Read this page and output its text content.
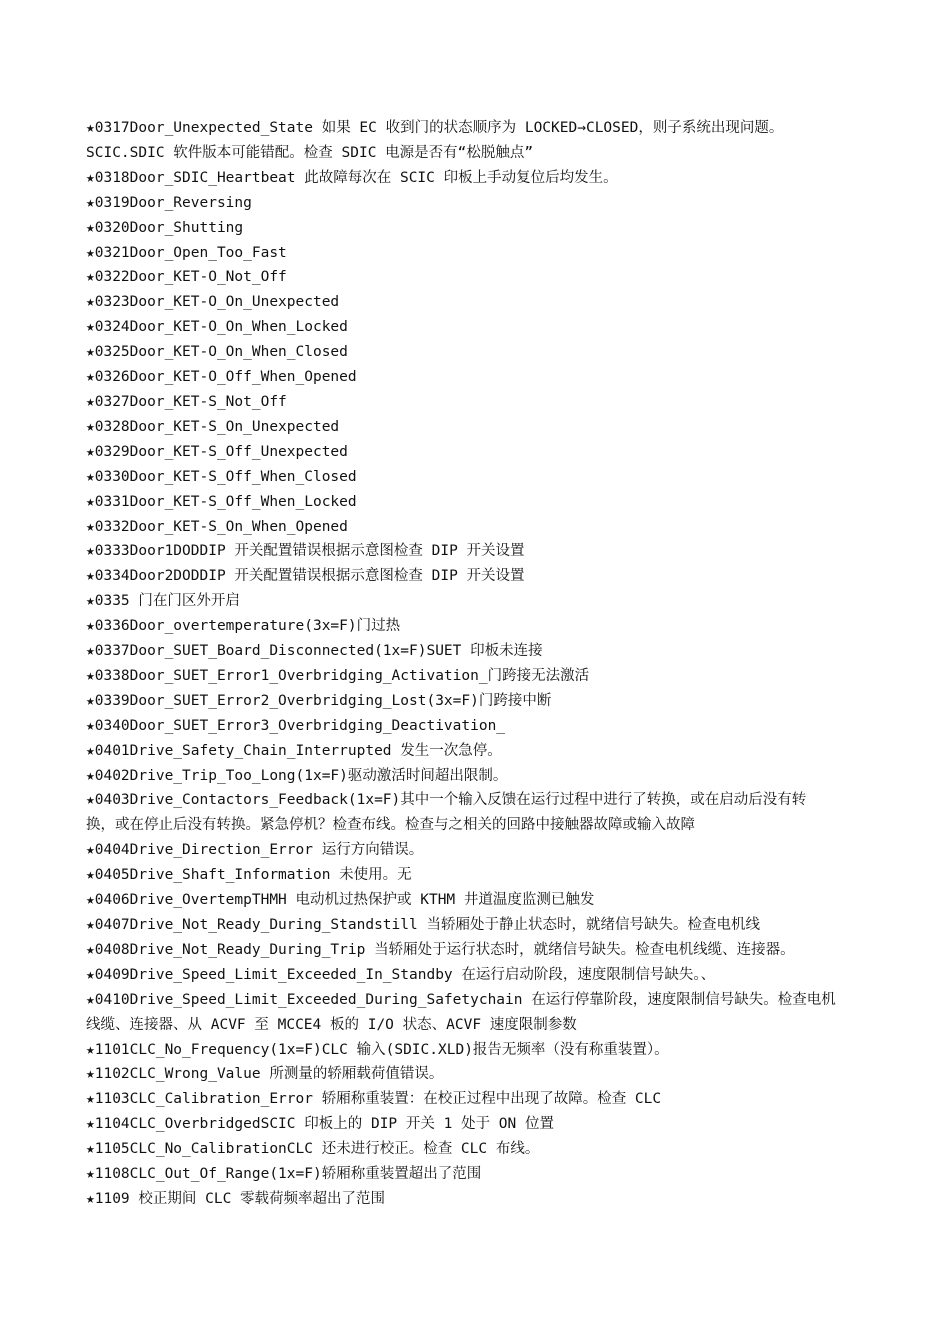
★0317Door_Unexpected_State 如果 EC 收到门的状态顺序为 LOCKED→CLOSED，则子系统出现问题。
SCIC.SDIC 软件版本可能错配。检查 SDIC 电源是否有“松脱触点”
★0318Door_SDIC_Heartbeat 此故障每次在 SCIC 印板上手动复位后均发生。
★0319Door_Reversing
★0320Door_Shutting
★0321Door_Open_Too_Fast
★0322Door_KET-O_Not_Off
★0323Door_KET-O_On_Unexpected
★0324Door_KET-O_On_When_Locked
★0325Door_KET-O_On_When_Closed
★0326Door_KET-O_Off_When_Opened
★0327Door_KET-S_Not_Off
★0328Door_KET-S_On_Unexpected
★0329Door_KET-S_Off_Unexpected
★0330Door_KET-S_Off_When_Closed
★0331Door_KET-S_Off_When_Locked
★0332Door_KET-S_On_When_Opened
★0333Door1DODDIP 开关配置错误根据示意图检查 DIP 开关设置
★0334Door2DODDIP 开关配置错误根据示意图检查 DIP 开关设置
★0335 门在门区外开启
★0336Door_overtemperature(3x=F)门过热
★0337Door_SUET_Board_Disconnected(1x=F)SUET 印板未连接
★0338Door_SUET_Error1_Overbridging_Activation_门跨接无法激活
★0339Door_SUET_Error2_Overbridging_Lost(3x=F)门跨接中断
★0340Door_SUET_Error3_Overbridging_Deactivation_
★0401Drive_Safety_Chain_Interrupted 发生一次急停。
★0402Drive_Trip_Too_Long(1x=F)驱动激活时间超出限制。
★0403Drive_Contactors_Feedback(1x=F)其中一个输入反馈在运行过程中进行了转换，或在启动后没有转
换，或在停止后没有转换。紧急停机？检查布线。检查与之相关的回路中接触器故障或输入故障
★0404Drive_Direction_Error 运行方向错误。
★0405Drive_Shaft_Information 未使用。无
★0406Drive_OvertempTHMH 电动机过热保护或 KTHM 井道温度监测已触发
★0407Drive_Not_Ready_During_Standstill 当轿厢处于静止状态时，就绪信号缺失。检查电机线
★0408Drive_Not_Ready_During_Trip 当轿厢处于运行状态时，就绪信号缺失。检查电机线缆、连接器。
★0409Drive_Speed_Limit_Exceeded_In_Standby 在运行启动阶段，速度限制信号缺失。、
★0410Drive_Speed_Limit_Exceeded_During_Safetychain 在运行停靠阶段，速度限制信号缺失。检查电机
线缆、连接器、从 ACVF 至 MCCE4 板的 I/O 状态、ACVF 速度限制参数
★1101CLC_No_Frequency(1x=F)CLC 输入(SDIC.XLD)报告无频率（没有称重装置）。
★1102CLC_Wrong_Value 所测量的轿厢载荷值错误。
★1103CLC_Calibration_Error 轿厢称重装置：在校正过程中出现了故障。检查 CLC
★1104CLC_OverbridgedSCIC 印板上的 DIP 开关 1 处于 ON 位置
★1105CLC_No_CalibrationCLC 还未进行校正。检查 CLC 布线。
★1108CLC_Out_Of_Range(1x=F)轿厢称重装置超出了范围
★1109 校正期间 CLC 零载荷频率超出了范围
